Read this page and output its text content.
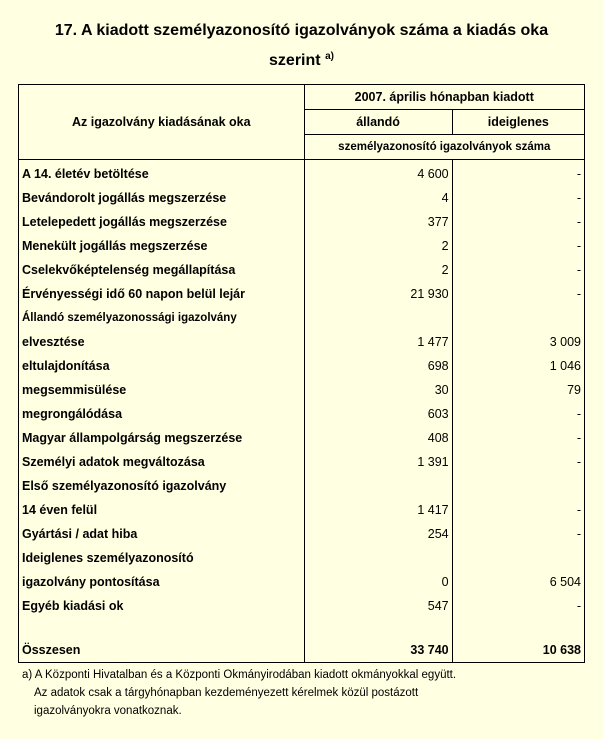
17. A kiadott személyazonosító igazolványok száma a kiadás oka
szerint $^{a)}$
Az igazolvány kiadásának oka	2007. április hónapban kiadott	
	állandó	ideiglenes
	személyazonosító igazolványok száma	
A 14. életév betöltése	4 600	-
Bevándorolt jogállás megszerzése	4	-
Letelepedett jogállás megszerzése	377	-
Menekült jogállás megszerzése	2	-
Cselekvőképtelenség megállapítása	2	-
Érvényességi idő 60 napon belül lejár	21 930	-
Állandó személyazonossági igazolvány		
elvesztése	1 477	3 009
eltulajdonítása	698	1 046
megsemmisülése	30	79
megrongálódása	603	-
Magyar állampolgárság megszerzése	408	-
Személyi adatok megváltozása	1 391	-
Első személyazonosító igazolvány		
14 éven felül	1 417	-
Gyártási / adat hiba	254	-
Ideiglenes személyazonosító		
igazolvány pontosítása	0	6 504
Egyéb kiadási ok	547	-

Összesen	33 740	10 638
a) A Központi Hivatalban és a Központi Okmányirodában kiadott okmányokkal együtt.
Az adatok csak a tárgyhónapban kezdeményezett kérelmek közül postázott
igazolványokra vonatkoznak.
